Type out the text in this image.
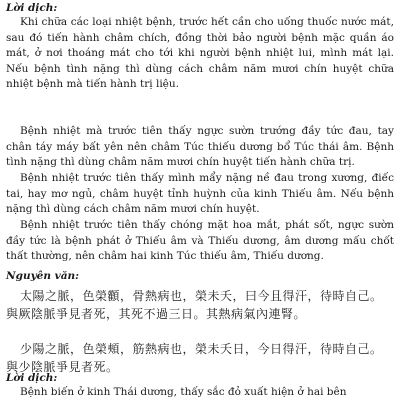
Lời dịch:
Khi chữa các loại nhiệt bệnh, trước hết cần cho uống thuốc nước mát, sau đó tiến hành châm chích, đồng thời bảo người bệnh mặc quần áo mát, ở nơi thoáng mát cho tới khi người bệnh nhiệt lui, mình mát lại. Nếu bệnh tình nặng thì dùng cách châm năm mươi chín huyệt chữa nhiệt bệnh mà tiến hành trị liệu.
Bệnh nhiệt mà trước tiên thấy ngực sườn trướng đầy tức đau, tay chân táy máy bất yên nên châm Túc thiếu dương bổ Túc thái âm. Bệnh tình nặng thì dùng châm năm mươi chín huyệt tiến hành chữa trị.
Bệnh nhiệt trước tiên thấy mình mẩy nặng nề đau trong xương, điếc tai, hay mơ ngủ, châm huyệt tỉnh huỳnh của kinh Thiếu âm. Nếu bệnh nặng thì dùng cách châm năm mươi chín huyệt.
Bệnh nhiệt trước tiên thấy chóng mặt hoa mắt, phát sốt, ngực sườn đầy tức là bệnh phát ở Thiếu âm và Thiếu dương, âm dương mấu chốt thất thường, nên châm hai kinh Túc thiếu âm, Thiếu dương.
Nguyên văn:
太陽之脈，色榮顴，骨熱病也，榮未夭，曰今且得汗，待時自己。與厥陰脈爭見者死，其死不過三日。其熱病氣內連腎。
少陽之脈，色榮頰，筋熱病也，榮未夭日，今日得汗，待時自己。與少陰脈爭見者死。
Lời dịch:
Bệnh biến ở kinh Thái dương, thấy sắc đỏ xuất hiện ở hai bên
